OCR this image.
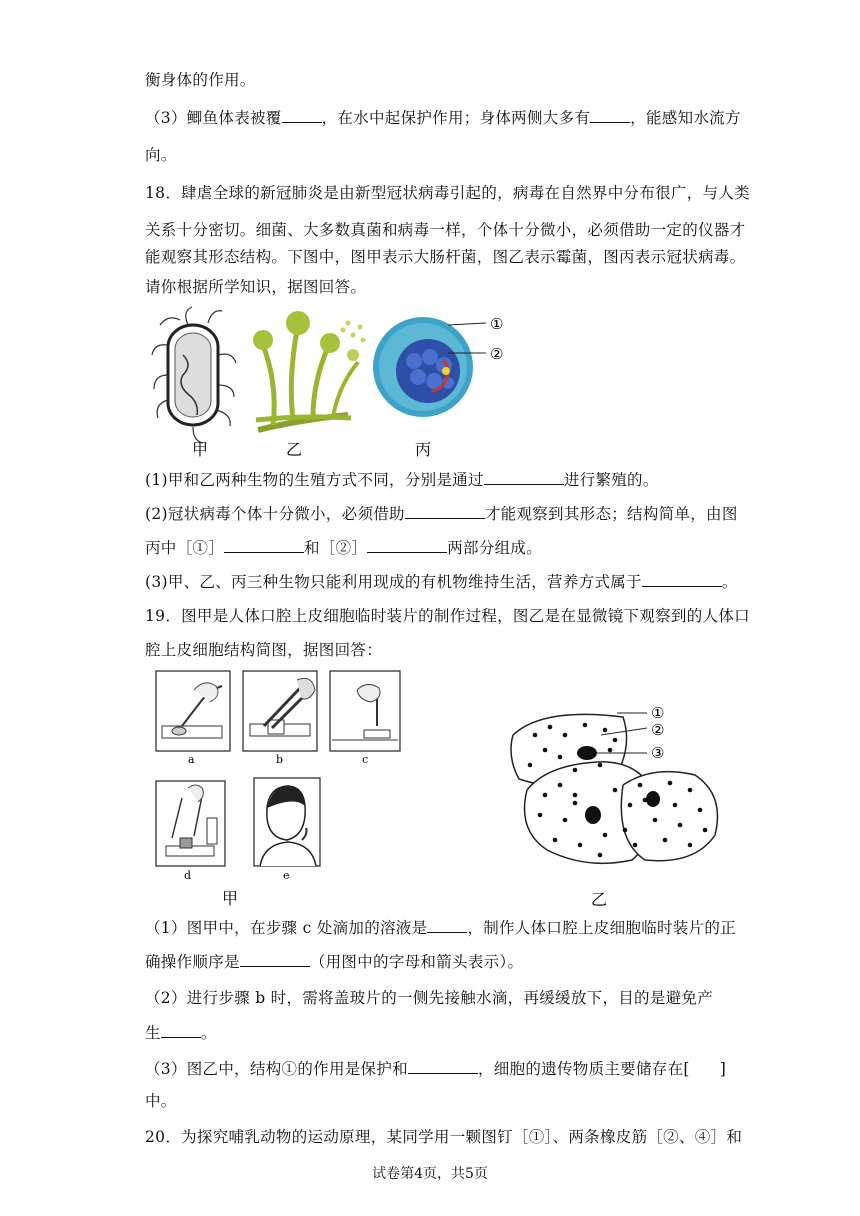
衡身体的作用。
（3）鲫鱼体表被覆	，在水中起保护作用；身体两侧大多有	，能感知水流方
向。
18．肆虐全球的新冠肺炎是由新型冠状病毒引起的，病毒在自然界中分布很广，与人类
关系十分密切。细菌、大多数真菌和病毒一样，个体十分微小，必须借助一定的仪器才
能观察其形态结构。下图中，图甲表示大肠杆菌，图乙表示霉菌，图丙表示冠状病毒。
请你根据所学知识，据图回答。
①
②
甲	乙	丙
(1)甲和乙两种生物的生殖方式不同，分别是通过	进行繁殖的。
(2)冠状病毒个体十分微小，必须借助	才能观察到其形态；结构简单，由图
丙中［①］	和［②］	两部分组成。
(3)甲、乙、丙三种生物只能利用现成的有机物维持生活，营养方式属于	。
19．图甲是人体口腔上皮细胞临时装片的制作过程，图乙是在显微镜下观察到的人体口
腔上皮细胞结构简图，据图回答：
a	b	c
d	e
甲
①
②
③
乙
（1）图甲中，在步骤 c 处滴加的溶液是	，制作人体口腔上皮细胞临时装片的正
确操作顺序是	（用图中的字母和箭头表示）。
（2）进行步骤 b 时，需将盖玻片的一侧先接触水滴，再缓缓放下，目的是避免产
生	。
（3）图乙中，结构①的作用是保护和	，细胞的遗传物质主要储存在[ ]
中。
20．为探究哺乳动物的运动原理，某同学用一颗图钉［①］、两条橡皮筋［②、④］和
试卷第4页，共5页
